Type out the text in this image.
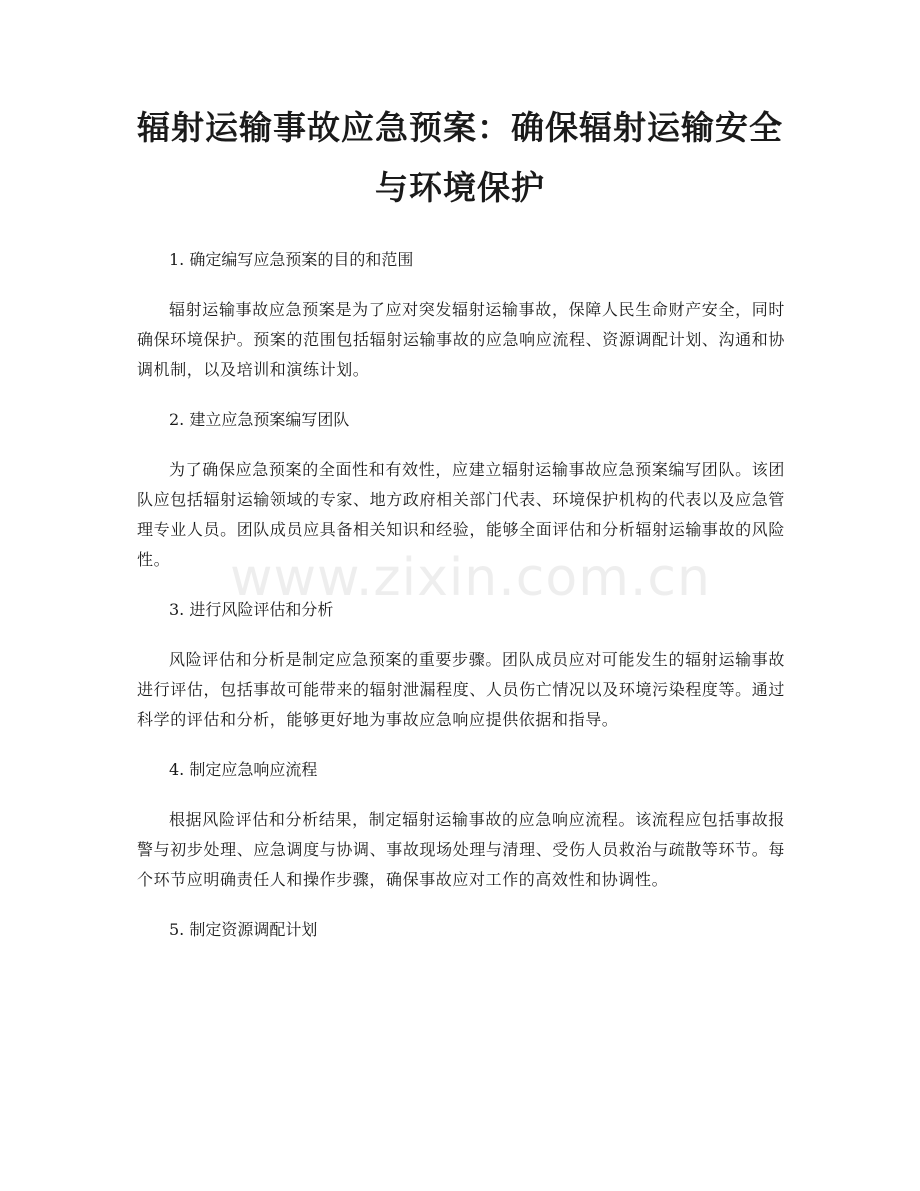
辐射运输事故应急预案：确保辐射运输安全
与环境保护

1. 确定编写应急预案的目的和范围

辐射运输事故应急预案是为了应对突发辐射运输事故，保障人民生命财产安全，同时确保环境保护。预案的范围包括辐射运输事故的应急响应流程、资源调配计划、沟通和协调机制，以及培训和演练计划。

2. 建立应急预案编写团队

为了确保应急预案的全面性和有效性，应建立辐射运输事故应急预案编写团队。该团队应包括辐射运输领域的专家、地方政府相关部门代表、环境保护机构的代表以及应急管理专业人员。团队成员应具备相关知识和经验，能够全面评估和分析辐射运输事故的风险性。

3. 进行风险评估和分析

风险评估和分析是制定应急预案的重要步骤。团队成员应对可能发生的辐射运输事故进行评估，包括事故可能带来的辐射泄漏程度、人员伤亡情况以及环境污染程度等。通过科学的评估和分析，能够更好地为事故应急响应提供依据和指导。

4. 制定应急响应流程

根据风险评估和分析结果，制定辐射运输事故的应急响应流程。该流程应包括事故报警与初步处理、应急调度与协调、事故现场处理与清理、受伤人员救治与疏散等环节。每个环节应明确责任人和操作步骤，确保事故应对工作的高效性和协调性。

5. 制定资源调配计划

www.zixin.com.cn
